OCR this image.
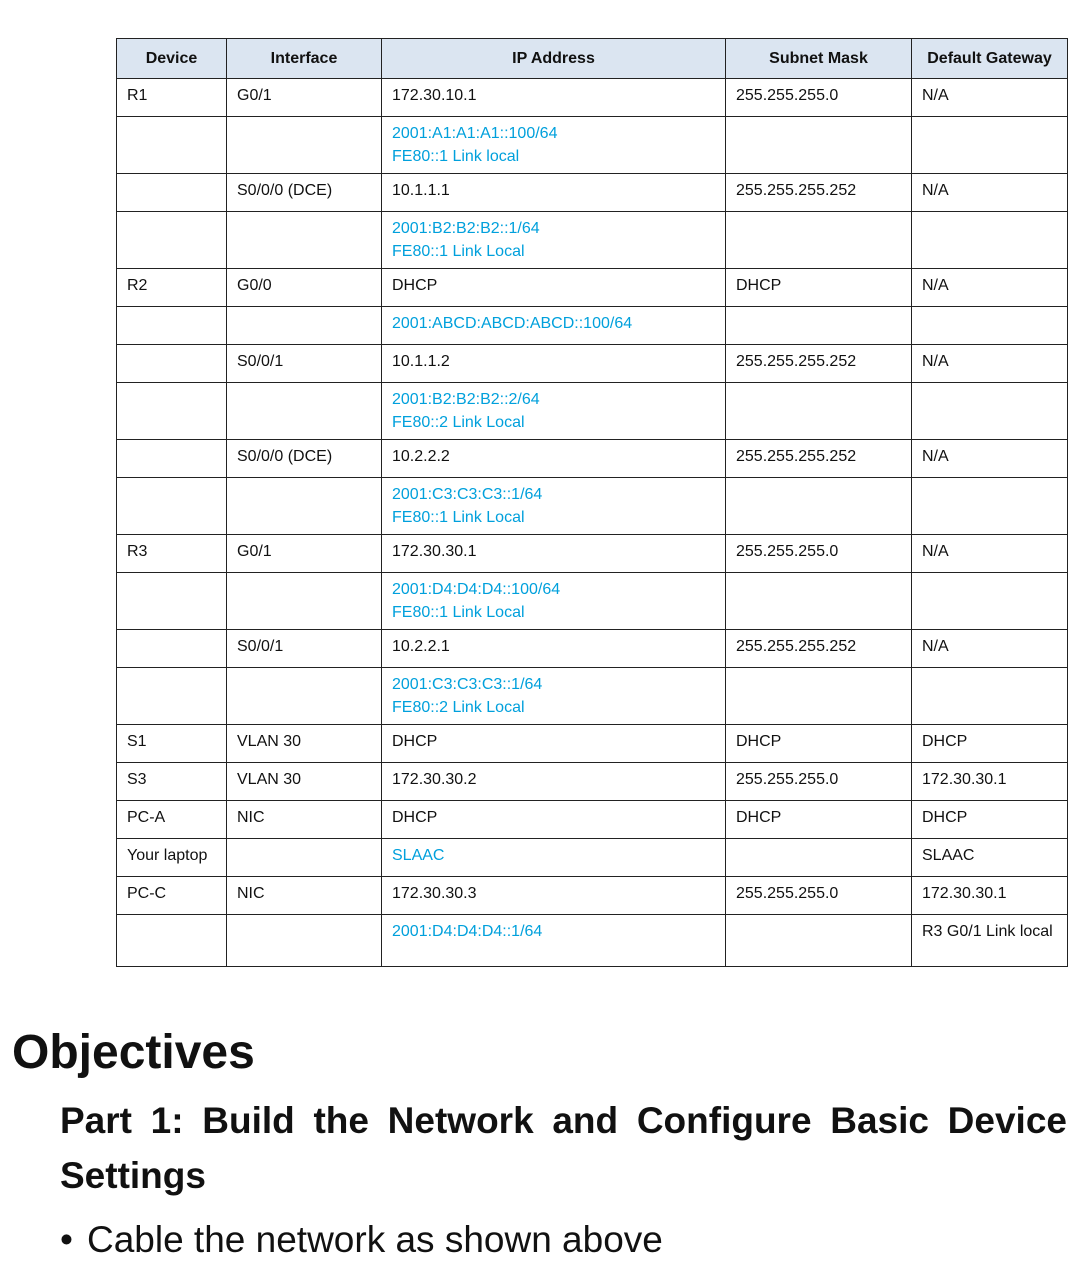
Device	Interface	IP Address	Subnet Mask	Default Gateway
R1	G0/1	172.30.10.1	255.255.255.0	N/A

		2001:A1:A1:A1::100/64
FE80::1 Link local		

	S0/0/0 (DCE)	10.1.1.1	255.255.255.252	N/A

		2001:B2:B2:B2::1/64
FE80::1 Link Local		

R2	G0/0	DHCP	DHCP	N/A

		2001:ABCD:ABCD:ABCD::100/64		

	S0/0/1	10.1.1.2	255.255.255.252	N/A

		2001:B2:B2:B2::2/64
FE80::2 Link Local		

	S0/0/0 (DCE)	10.2.2.2	255.255.255.252	N/A

		2001:C3:C3:C3::1/64
FE80::1 Link Local		

R3	G0/1	172.30.30.1	255.255.255.0	N/A

		2001:D4:D4:D4::100/64
FE80::1 Link Local		

	S0/0/1	10.2.2.1	255.255.255.252	N/A

		2001:C3:C3:C3::1/64
FE80::2 Link Local		

S1	VLAN 30	DHCP	DHCP	DHCP
S3	VLAN 30	172.30.30.2	255.255.255.0	172.30.30.1
PC-A	NIC	DHCP	DHCP	DHCP
Your laptop		SLAAC		SLAAC
PC-C	NIC	172.30.30.3	255.255.255.0	172.30.30.1

		2001:D4:D4:D4::1/64		R3 G0/1 Link local
Objectives
Part 1: Build the Network and Configure Basic Device Settings
• Cable the network as shown above
